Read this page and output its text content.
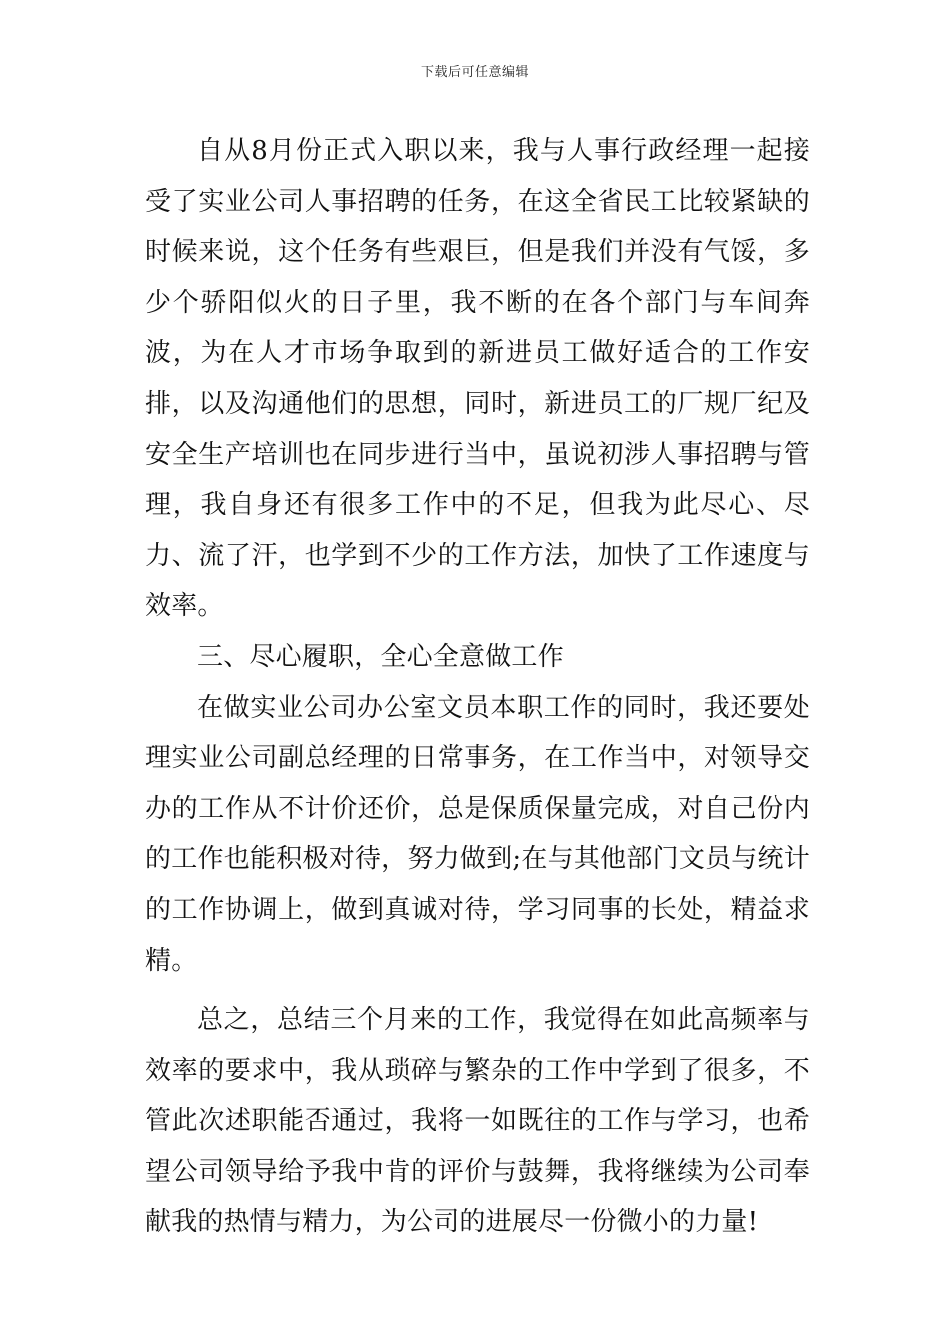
下载后可任意编辑

自从8月份正式入职以来，我与人事行政经理一起接受了实业公司人事招聘的任务，在这全省民工比较紧缺的时候来说，这个任务有些艰巨，但是我们并没有气馁，多少个骄阳似火的日子里，我不断的在各个部门与车间奔波，为在人才市场争取到的新进员工做好适合的工作安排，以及沟通他们的思想，同时，新进员工的厂规厂纪及安全生产培训也在同步进行当中，虽说初涉人事招聘与管理，我自身还有很多工作中的不足，但我为此尽心、尽力、流了汗，也学到不少的工作方法，加快了工作速度与效率。

三、尽心履职，全心全意做工作

在做实业公司办公室文员本职工作的同时，我还要处理实业公司副总经理的日常事务，在工作当中，对领导交办的工作从不计价还价，总是保质保量完成，对自己份内的工作也能积极对待，努力做到;在与其他部门文员与统计的工作协调上，做到真诚对待，学习同事的长处，精益求精。

总之，总结三个月来的工作，我觉得在如此高频率与效率的要求中，我从琐碎与繁杂的工作中学到了很多，不管此次述职能否通过，我将一如既往的工作与学习，也希望公司领导给予我中肯的评价与鼓舞，我将继续为公司奉献我的热情与精力，为公司的进展尽一份微小的力量!
